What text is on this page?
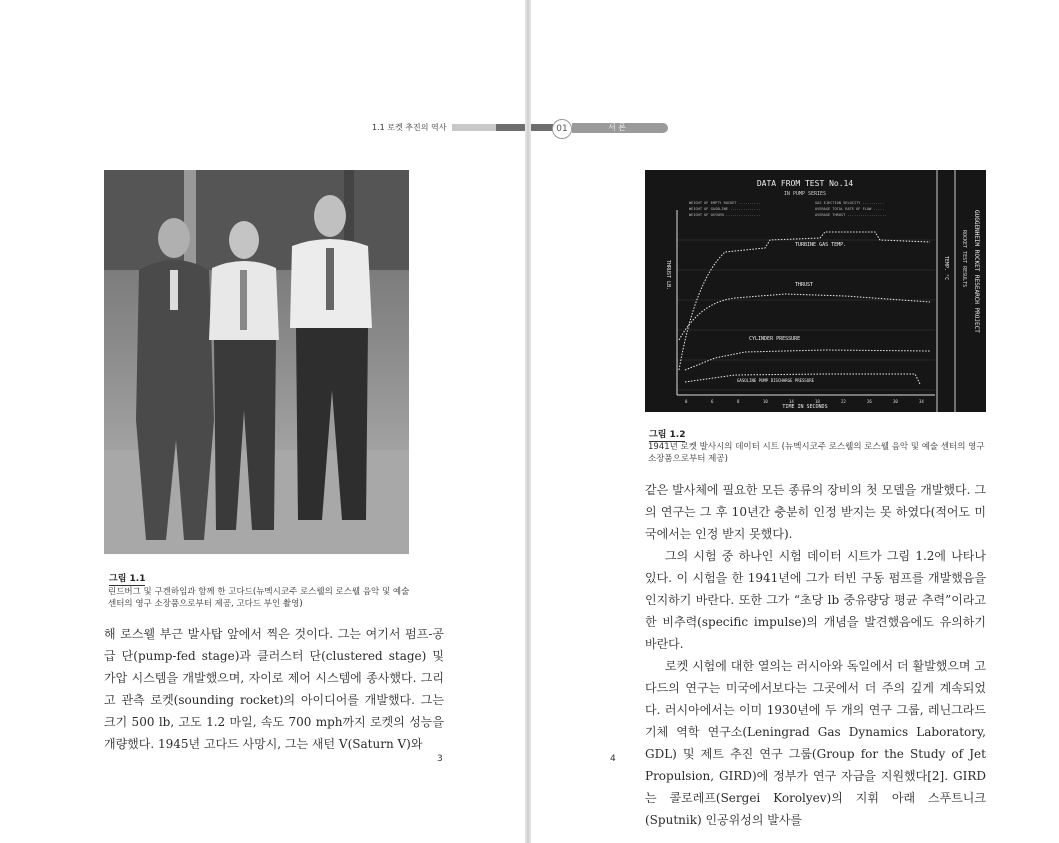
1.1 로켓 추진의 역사
그림 1.1
린드버그 및 구겐하임과 함께 한 고다드(뉴멕시코주 로스웰의 로스웰 음악 및 예술 센터의 영구 소장품으로부터 제공, 고다드 부인 촬영)

해 로스웰 부근 발사탑 앞에서 찍은 것이다. 그는 여기서 펌프-공급 단(pump-fed stage)과 클러스터 단(clustered stage) 및 가압 시스템을 개발했으며, 자이로 제어 시스템에 종사했다. 그리고 관측 로켓(sounding rocket)의 아이디어를 개발했다. 그는 크기 500 lb, 고도 1.2 마일, 속도 700 mph까지 로켓의 성능을 개량했다. 1945년 고다드 사망시, 그는 새턴 V(Saturn V)와

3
01	서 론
DATA FROM TEST No.14
IN PUMP SERIES
WEIGHT OF EMPTY ROCKET ..........
WEIGHT OF GASOLINE ..............
WEIGHT OF OXYGEN ................
GAS EJECTION VELOCITY ..........
AVERAGE TOTAL RATE OF FLOW .....
AVERAGE THRUST ..................
TURBINE GAS TEMP.
THRUST
CYLINDER PRESSURE
GASOLINE PUMP DISCHARGE PRESSURE
TIME IN SECONDS
0	6	8	10	14	18	22	26	30	34
THRUST LB.	TEMP. °C	GUGGENHEIM ROCKET RESEARCH PROJECT
ROCKET TEST RESULTS
그림 1.2
1941년 로켓 발사시의 데이터 시트 (뉴멕시코주 로스웰의 로스웰 음악 및 예술 센터의 영구 소장품으로부터 제공)

같은 발사체에 필요한 모든 종류의 장비의 첫 모델을 개발했다. 그의 연구는 그 후 10년간 충분히 인정 받지는 못 하였다(적어도 미국에서는 인정 받지 못했다).

그의 시험 중 하나인 시험 데이터 시트가 그림 1.2에 나타나 있다. 이 시험을 한 1941년에 그가 터빈 구동 펌프를 개발했음을 인지하기 바란다. 또한 그가 “초당 lb 중유량당 평균 추력”이라고 한 비추력(specific impulse)의 개념을 발견했음에도 유의하기 바란다.

로켓 시험에 대한 열의는 러시아와 독일에서 더 활발했으며 고다드의 연구는 미국에서보다는 그곳에서 더 주의 깊게 계속되었다. 러시아에서는 이미 1930년에 두 개의 연구 그룹, 레닌그라드 기체 역학 연구소(Leningrad Gas Dynamics Laboratory, GDL) 및 제트 추진 연구 그룹(Group for the Study of Jet Propulsion, GIRD)에 정부가 연구 자금을 지원했다[2]. GIRD는 콜로레프(Sergei Korolyev)의 지휘 아래 스푸트니크(Sputnik) 인공위성의 발사를

4
